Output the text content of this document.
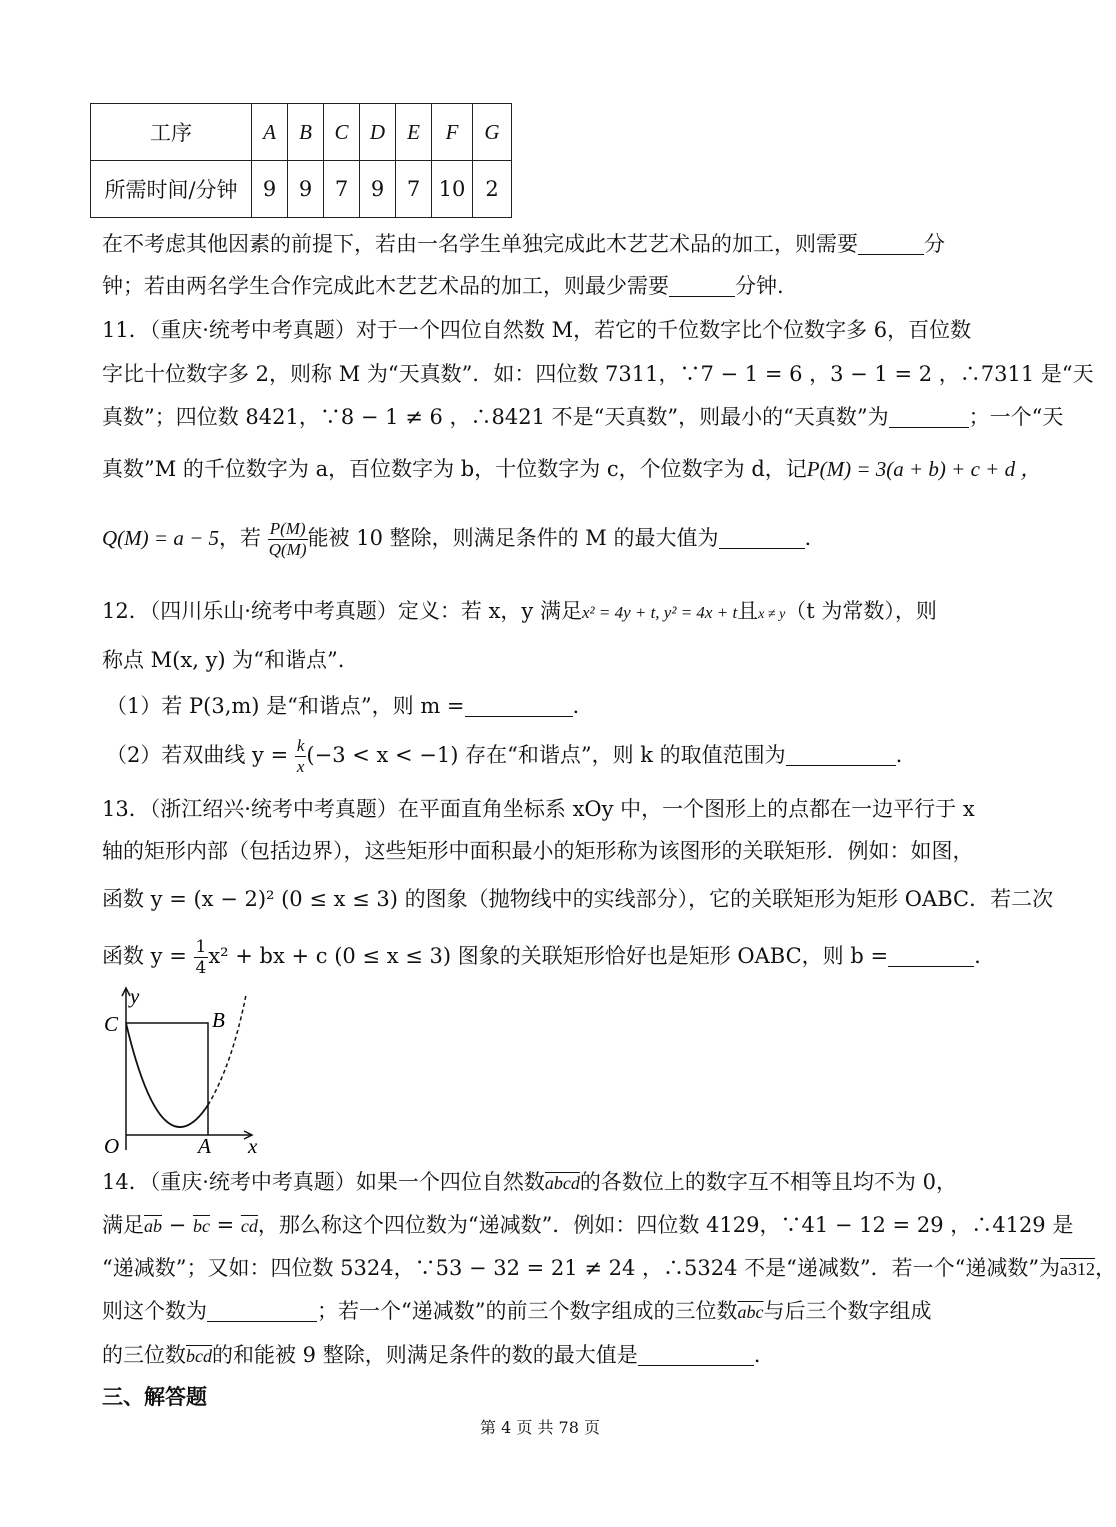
工序	A	B	C	D	E	F	G
所需时间/分钟	9	9	7	9	7	10	2
在不考虑其他因素的前提下，若由一名学生单独完成此木艺艺术品的加工，则需要	分
钟；若由两名学生合作完成此木艺艺术品的加工，则最少需要	分钟.
11．（重庆·统考中考真题）对于一个四位自然数 M，若它的千位数字比个位数字多 6，百位数
字比十位数字多 2，则称 M 为“天真数”．如：四位数 7311，∵7 − 1 = 6 ，3 − 1 = 2 ，∴7311 是“天
真数”；四位数 8421，∵8 − 1 ≠ 6 ，∴8421 不是“天真数”，则最小的“天真数”为	；一个“天
真数”M 的千位数字为 a，百位数字为 b，十位数字为 c，个位数字为 d，记P(M) = 3(a + b) + c + d ，
Q(M) = a − 5，若 $\frac{P(M)}{Q(M)}$ 能被 10 整除，则满足条件的 M 的最大值为	.
12．（四川乐山·统考中考真题）定义：若 x，y 满足x² = 4y + t, y² = 4x + t且x ≠ y（t 为常数），则
称点 M(x, y) 为“和谐点”.
（1）若 P(3,m) 是“和谐点”，则 m =	.
（2）若双曲线 $y = \frac{k}{x} (-3 < x < -1)$ 存在“和谐点”，则 k 的取值范围为	.
13．（浙江绍兴·统考中考真题）在平面直角坐标系 xOy 中，一个图形上的点都在一边平行于 x
轴的矩形内部（包括边界），这些矩形中面积最小的矩形称为该图形的关联矩形．例如：如图，
函数 y = (x − 2)² (0 ≤ x ≤ 3) 的图象（抛物线中的实线部分），它的关联矩形为矩形 OABC．若二次
函数 $y = \frac{1}{4} x^2$ + bx + c (0 ≤ x ≤ 3) 图象的关联矩形恰好也是矩形 OABC，则 b =	.
y
x
O	A
B
C
14．（重庆·统考中考真题）如果一个四位自然数abcd的各数位上的数字互不相等且均不为 0，
满足$\overline{ab} - \overline{bc} = \overline{cd}$，那么称这个四位数为“递减数”．例如：四位数 4129，∵41 − 12 = 29 ，∴4129 是
“递减数”；又如：四位数 5324，∵53 − 32 = 21 ≠ 24 ，∴5324 不是“递减数”．若一个“递减数”为a312，
则这个数为	；若一个“递减数”的前三个数字组成的三位数$\overline{abc}$与后三个数字组成
的三位数$\overline{bcd}$的和能被 9 整除，则满足条件的数的最大值是	.
三、解答题
第 4 页 共 78 页
